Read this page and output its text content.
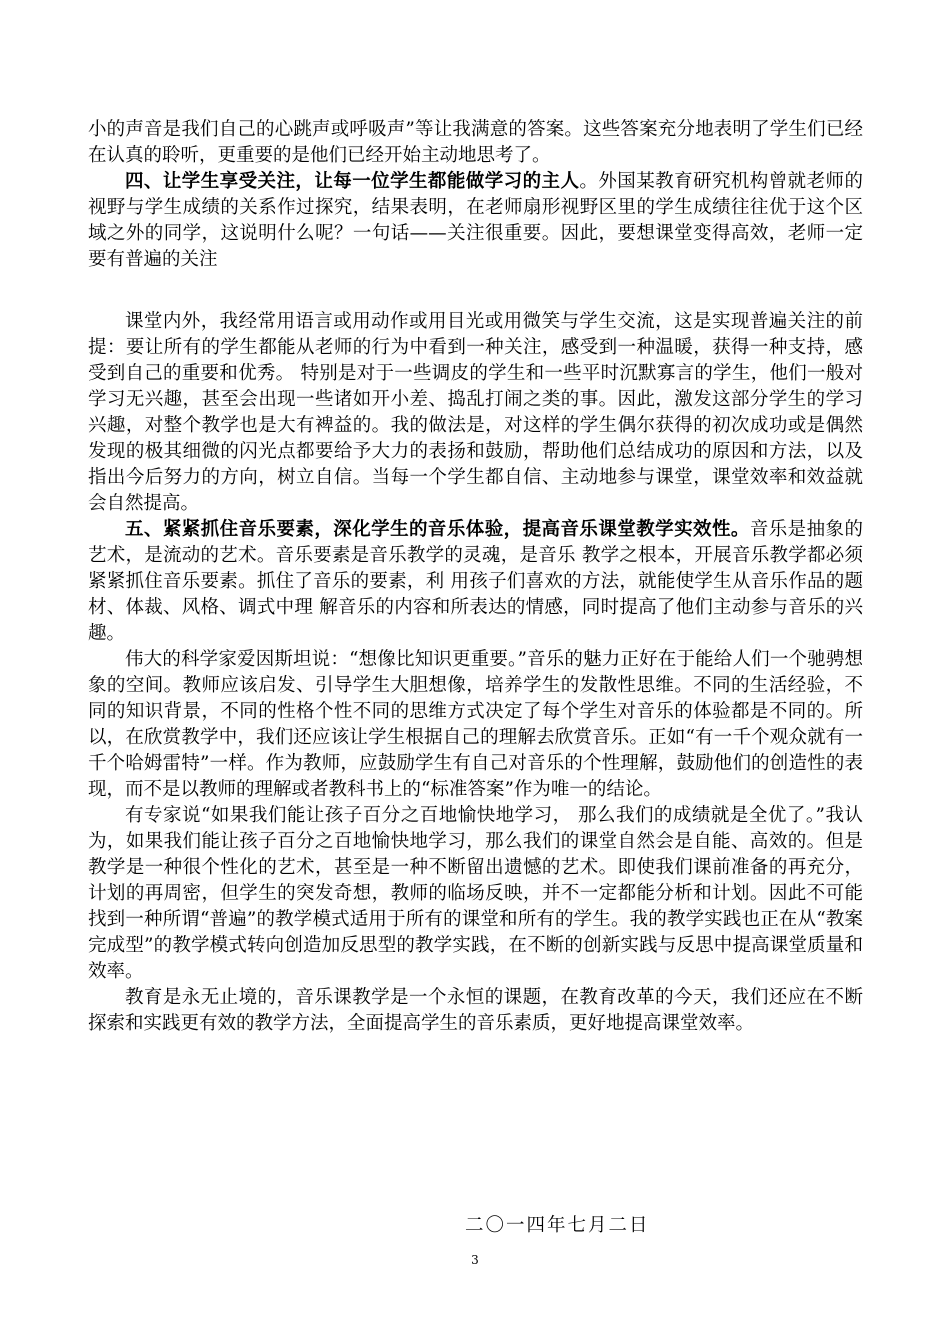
小的声音是我们自己的心跳声或呼吸声”等让我满意的答案。这些答案充分地表明了学生们已经在认真的聆听，更重要的是他们已经开始主动地思考了。

四、让学生享受关注，让每一位学生都能做学习的主人。外国某教育研究机构曾就老师的视野与学生成绩的关系作过探究，结果表明，在老师扇形视野区里的学生成绩往往优于这个区域之外的同学，这说明什么呢？一句话——关注很重要。因此，要想课堂变得高效，老师一定要有普遍的关注

课堂内外，我经常用语言或用动作或用目光或用微笑与学生交流，这是实现普遍关注的前提：要让所有的学生都能从老师的行为中看到一种关注，感受到一种温暖，获得一种支持，感受到自己的重要和优秀。 特别是对于一些调皮的学生和一些平时沉默寡言的学生，他们一般对学习无兴趣，甚至会出现一些诸如开小差、捣乱打闹之类的事。因此，激发这部分学生的学习兴趣，对整个教学也是大有裨益的。我的做法是，对这样的学生偶尔获得的初次成功或是偶然发现的极其细微的闪光点都要给予大力的表扬和鼓励，帮助他们总结成功的原因和方法，以及指出今后努力的方向，树立自信。当每一个学生都自信、主动地参与课堂，课堂效率和效益就会自然提高。

五、紧紧抓住音乐要素，深化学生的音乐体验，提高音乐课堂教学实效性。音乐是抽象的艺术，是流动的艺术。音乐要素是音乐教学的灵魂，是音乐 教学之根本，开展音乐教学都必须紧紧抓住音乐要素。抓住了音乐的要素，利 用孩子们喜欢的方法，就能使学生从音乐作品的题材、体裁、风格、调式中理 解音乐的内容和所表达的情感，同时提高了他们主动参与音乐的兴趣。

伟大的科学家爱因斯坦说：“想像比知识更重要。”音乐的魅力正好在于能给人们一个驰骋想象的空间。教师应该启发、引导学生大胆想像，培养学生的发散性思维。不同的生活经验，不同的知识背景，不同的性格个性不同的思维方式决定了每个学生对音乐的体验都是不同的。所以，在欣赏教学中，我们还应该让学生根据自己的理解去欣赏音乐。正如“有一千个观众就有一千个哈姆雷特”一样。作为教师，应鼓励学生有自己对音乐的个性理解，鼓励他们的创造性的表现，而不是以教师的理解或者教科书上的“标准答案”作为唯一的结论。

有专家说“如果我们能让孩子百分之百地愉快地学习， 那么我们的成绩就是全优了。”我认为，如果我们能让孩子百分之百地愉快地学习，那么我们的课堂自然会是自能、高效的。但是教学是一种很个性化的艺术，甚至是一种不断留出遗憾的艺术。即使我们课前准备的再充分，计划的再周密，但学生的突发奇想，教师的临场反映，并不一定都能分析和计划。因此不可能找到一种所谓“普遍”的教学模式适用于所有的课堂和所有的学生。我的教学实践也正在从“教案完成型”的教学模式转向创造加反思型的教学实践，在不断的创新实践与反思中提高课堂质量和效率。

教育是永无止境的，音乐课教学是一个永恒的课题，在教育改革的今天，我们还应在不断探索和实践更有效的教学方法，全面提高学生的音乐素质，更好地提高课堂效率。

二〇一四年七月二日
3
